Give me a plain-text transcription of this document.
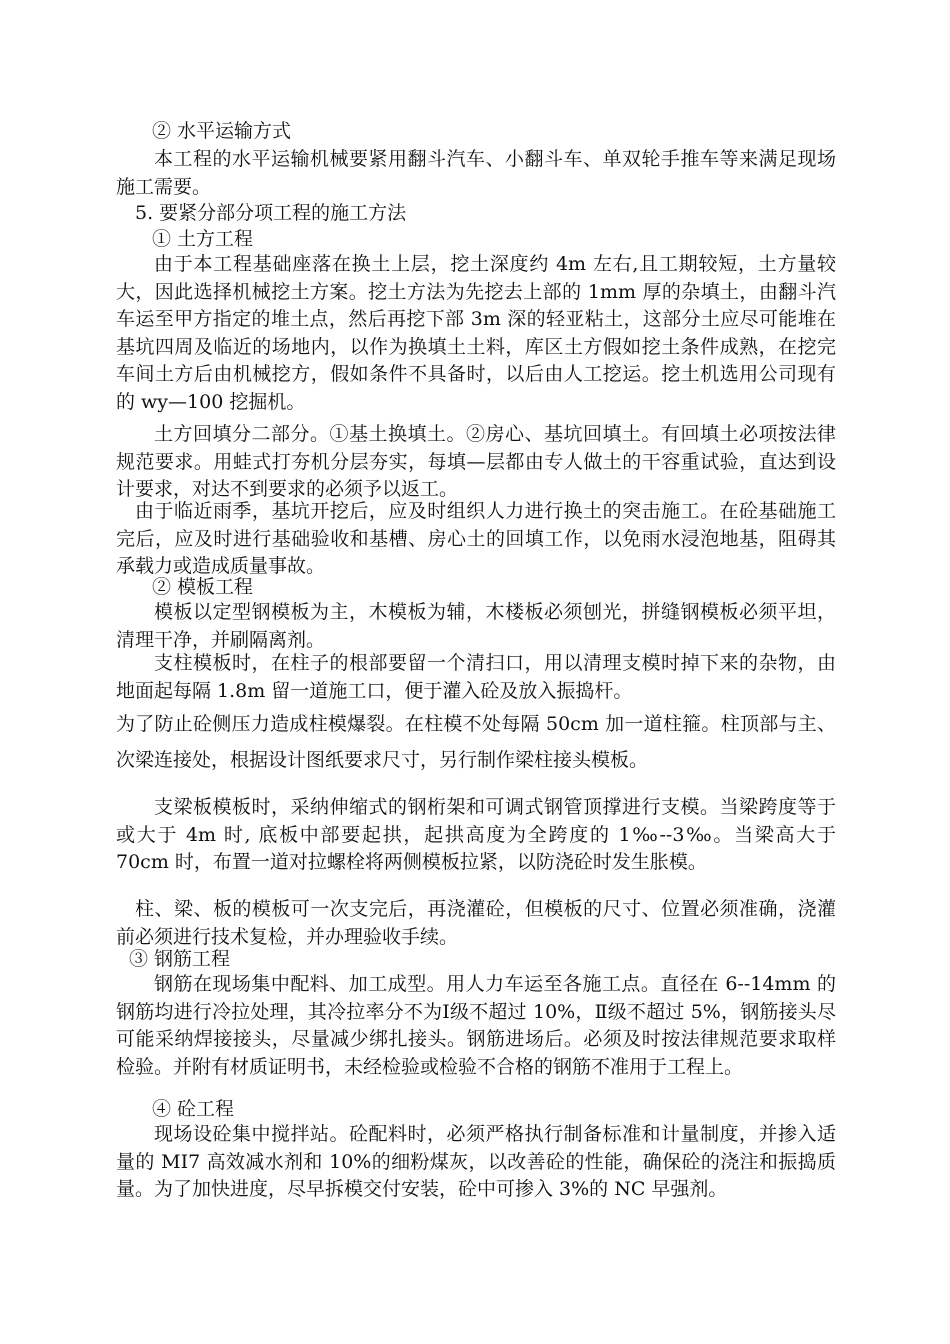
② 水平运输方式

本工程的水平运输机械要紧用翻斗汽车、小翻斗车、单双轮手推车等来满足现场施工需要。

5. 要紧分部分项工程的施工方法
① 土方工程

由于本工程基础座落在换土上层，挖土深度约 4m 左右,且工期较短，土方量较大，因此选择机械挖土方案。挖土方法为先挖去上部的 1mm 厚的杂填土，由翻斗汽车运至甲方指定的堆土点，然后再挖下部 3m 深的轻亚粘土，这部分土应尽可能堆在基坑四周及临近的场地内，以作为换填土土料，库区土方假如挖土条件成熟，在挖完车间土方后由机械挖方，假如条件不具备时，以后由人工挖运。挖土机选用公司现有的 wy—100 挖掘机。

土方回填分二部分。①基土换填土。②房心、基坑回填土。有回填土必项按法律规范要求。用蛙式打夯机分层夯实，每填—层都由专人做土的干容重试验，直达到设计要求，对达不到要求的必须予以返工。

由于临近雨季，基坑开挖后，应及时组织人力进行换土的突击施工。在砼基础施工完后，应及时进行基础验收和基槽、房心土的回填工作，以免雨水浸泡地基，阻碍其承载力或造成质量事故。

② 模板工程

模板以定型钢模板为主，木模板为辅，木楼板必须刨光，拼缝钢模板必须平坦，清理干净，并刷隔离剂。

支柱模板时，在柱子的根部要留一个清扫口，用以清理支模时掉下来的杂物，由地面起每隔 1.8m 留一道施工口，便于灌入砼及放入振捣杆。

为了防止砼侧压力造成柱模爆裂。在柱模不处每隔 50cm 加一道柱箍。柱顶部与主、次梁连接处，根据设计图纸要求尺寸，另行制作梁柱接头模板。

支梁板模板时，采纳伸缩式的钢桁架和可调式钢管顶撑进行支模。当梁跨度等于或大于 4m 时, 底板中部要起拱，起拱高度为全跨度的 1‰--3‰。当梁高大于 70cm 时，布置一道对拉螺栓将两侧模板拉紧，以防浇砼时发生胀模。

柱、梁、板的模板可一次支完后，再浇灌砼，但模板的尺寸、位置必须准确，浇灌前必须进行技术复检，并办理验收手续。

③ 钢筋工程

钢筋在现场集中配料、加工成型。用人力车运至各施工点。直径在 6--14mm 的钢筋均进行冷拉处理，其冷拉率分不为Ⅰ级不超过 10%，Ⅱ级不超过 5%，钢筋接头尽可能采纳焊接接头，尽量减少绑扎接头。钢筋进场后。必须及时按法律规范要求取样检验。并附有材质证明书，未经检验或检验不合格的钢筋不准用于工程上。

④ 砼工程

现场设砼集中搅拌站。砼配料时，必须严格执行制备标准和计量制度，并掺入适量的 MI7 高效减水剂和 10%的细粉煤灰，以改善砼的性能，确保砼的浇注和振捣质量。为了加快进度，尽早拆模交付安装，砼中可掺入 3%的 NC 早强剂。
